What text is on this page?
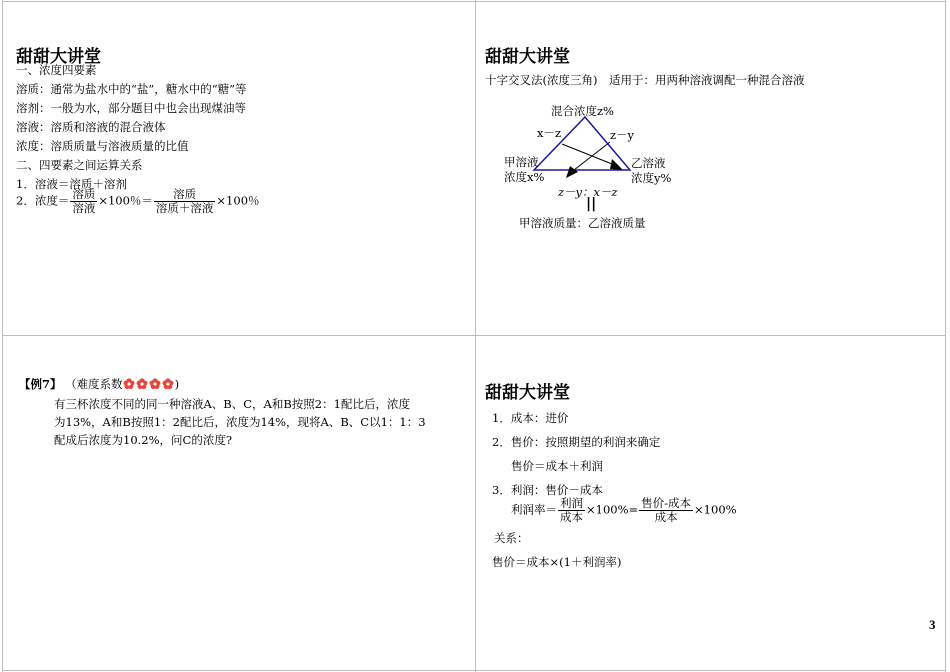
甜甜大讲堂
一、浓度四要素
溶质：通常为盐水中的“盐”，糖水中的“糖”等
溶剂：一般为水，部分题目中也会出现煤油等
溶液：溶质和溶液的混合液体
浓度：溶质质量与溶液质量的比值
二、四要素之间运算关系
1．溶液＝溶质＋溶剂
2．浓度＝ $\frac{\text{溶质}}{\text{溶液}} \times 100$％＝ $\frac{\text{溶质}}{\text{溶质＋溶液}} \times 100$％
甜甜大讲堂
十字交叉法(浓度三角)　适用于：用两种溶液调配一种混合溶液
混合浓度z%
x－z	z－y
甲溶液
浓度x%
乙溶液
浓度y%
z－y：x－z
||
甲溶液质量：乙溶液质量
【例7】 （难度系数	)
有三杯浓度不同的同一种溶液A、B、C，A和B按照2：1配比后，浓度
为13%，A和B按照1：2配比后，浓度为14%，现将A、B、C以1：1：3
配成后浓度为10.2%，问C的浓度?
甜甜大讲堂
1．成本：进价
2．售价：按照期望的利润来确定
售价＝成本＋利润
3．利润：售价－成本
利润率＝ $\frac{\text{利润}}{\text{成本}} \times 100\%= \frac{\text{售价-成本}}{\text{成本}} \times 100\%$
关系：
售价＝成本×(1＋利润率)
3
